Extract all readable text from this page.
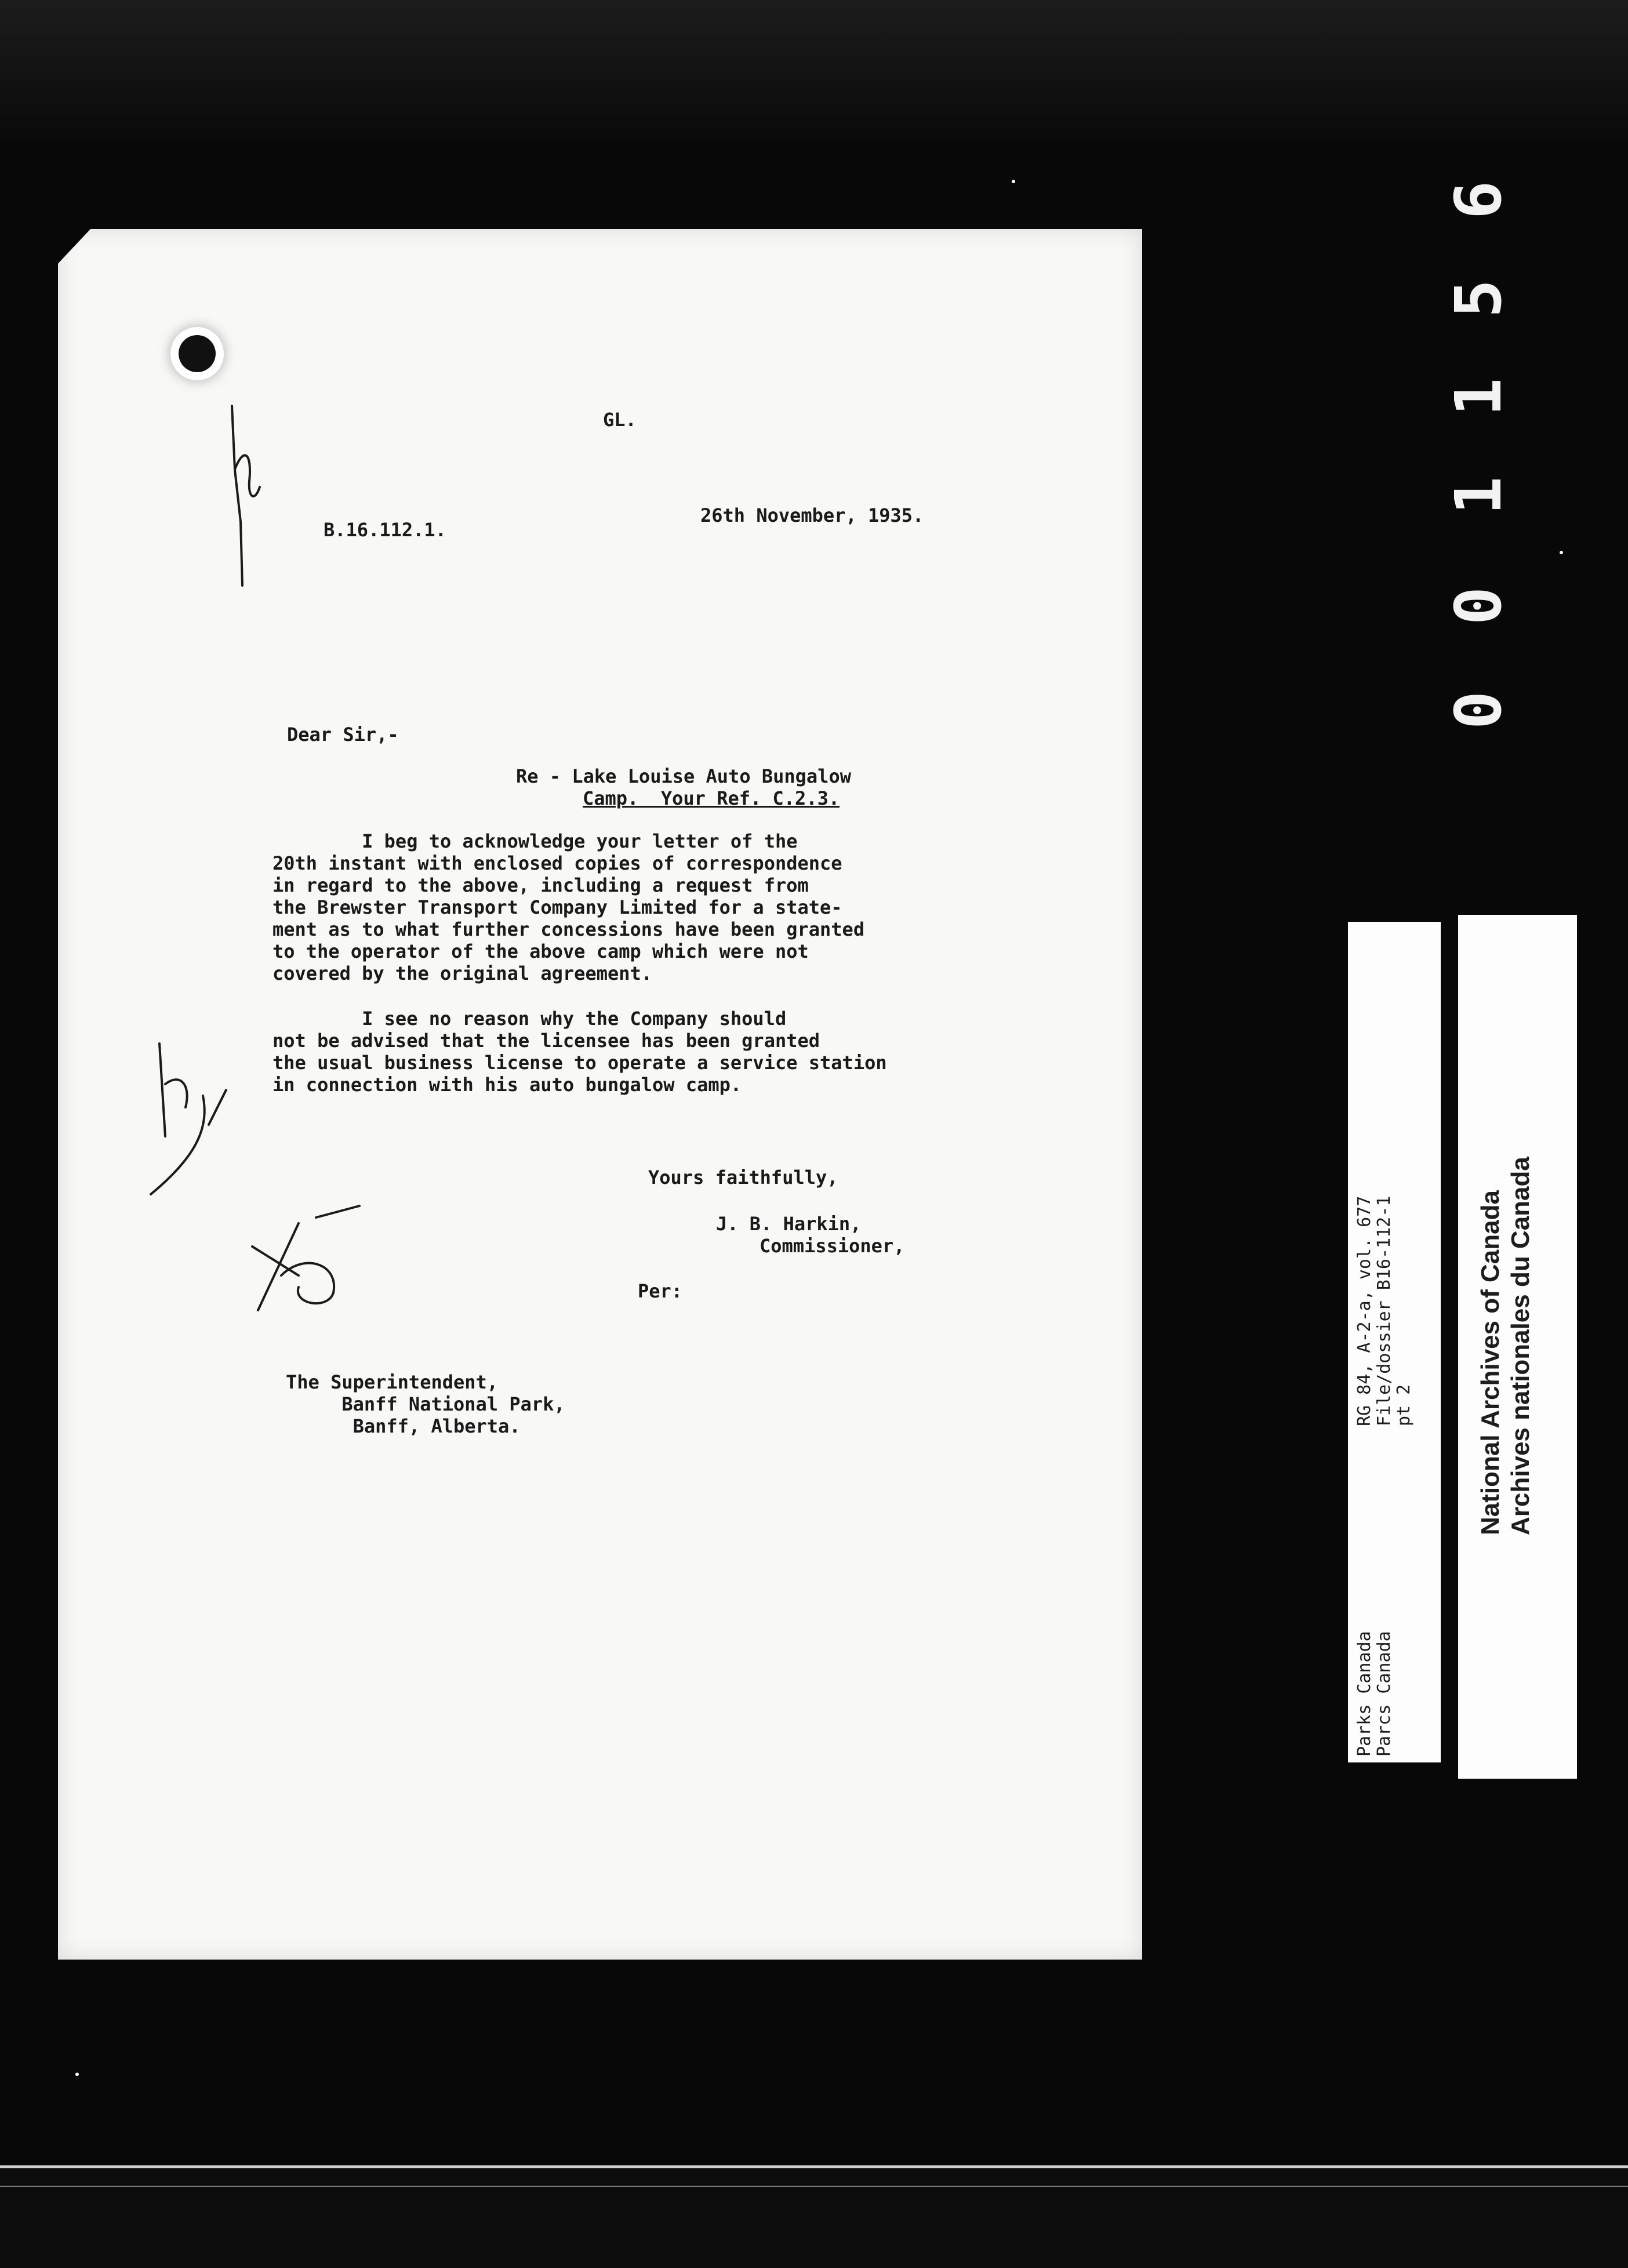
6
5
1
1
0
0
GL.
B.16.112.1.
26th November, 1935.
Dear Sir,-
Re - Lake Louise Auto Bungalow
Camp.  Your Ref. C.2.3.
I beg to acknowledge your letter of the
20th instant with enclosed copies of correspondence
in regard to the above, including a request from
the Brewster Transport Company Limited for a state-
ment as to what further concessions have been granted
to the operator of the above camp which were not
covered by the original agreement.
I see no reason why the Company should
not be advised that the licensee has been granted
the usual business license to operate a service station
in connection with his auto bungalow camp.
Yours faithfully,
J. B. Harkin,
Commissioner,
Per:
The Superintendent,
Banff National Park,
Banff, Alberta.	RG 84, A-2-a, vol. 677 File/dossier B16-112-1 pt 2
Parks Canada Parcs Canada
National Archives of Canada Archives nationales du Canada
